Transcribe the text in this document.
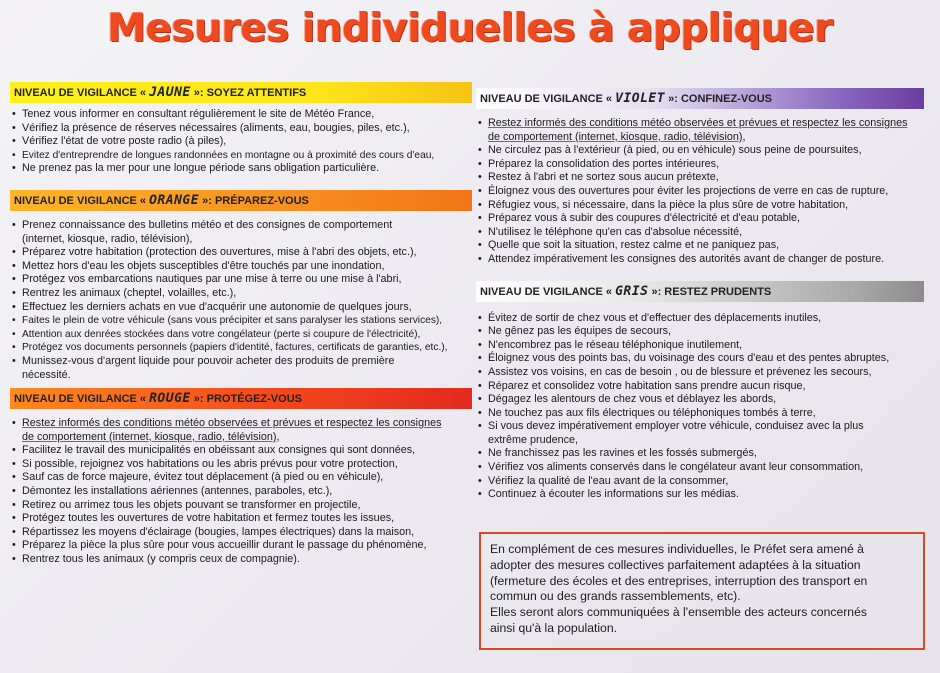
Mesures individuelles à appliquer
NIVEAU DE VIGILANCE « JAUNE »: SOYEZ ATTENTIFS
• Tenez vous informer en consultant régulièrement le site de Météo France,
• Vérifiez la présence de réserves nécessaires (aliments, eau, bougies, piles, etc.),
• Vérifiez l'état de votre poste radio (à piles),
• Evitez d'entreprendre de longues randonnées en montagne ou à proximité des cours d'eau,
• Ne prenez pas la mer pour une longue période sans obligation particulière.
NIVEAU DE VIGILANCE « ORANGE »: PRÉPAREZ-VOUS
• Prenez connaissance des bulletins météo et des consignes de comportement
(internet, kiosque, radio, télévision),
• Préparez votre habitation (protection des ouvertures, mise à l'abri des objets, etc.),
• Mettez hors d'eau les objets susceptibles d'être touchés par une inondation,
• Protégez vos embarcations nautiques par une mise à terre ou une mise à l'abri,
• Rentrez les animaux (cheptel, volailles, etc.),
• Effectuez les derniers achats en vue d'acquérir une autonomie de quelques jours,
• Faites le plein de votre véhicule (sans vous précipiter et sans paralyser les stations services),
• Attention aux denrées stockées dans votre congélateur (perte si coupure de l'électricité),
• Protégez vos documents personnels (papiers d'identité, factures, certificats de garanties, etc.),
• Munissez-vous d'argent liquide pour pouvoir acheter des produits de première
nécessité.
NIVEAU DE VIGILANCE « ROUGE »: PROTÉGEZ-VOUS
• Restez informés des conditions météo observées et prévues et respectez les consignes
de comportement (internet, kiosque, radio, télévision),
• Facilitez le travail des municipalités en obéissant aux consignes qui sont données,
• Si possible, rejoignez vos habitations ou les abris prévus pour votre protection,
• Sauf cas de force majeure, évitez tout déplacement (à pied ou en véhicule),
• Démontez les installations aériennes (antennes, paraboles, etc.),
• Retirez ou arrimez tous les objets pouvant se transformer en projectile,
• Protégez toutes les ouvertures de votre habitation et fermez toutes les issues,
• Répartissez les moyens d'éclairage (bougies, lampes électriques) dans la maison,
• Préparez la pièce la plus sûre pour vous accueillir durant le passage du phénomène,
• Rentrez tous les animaux (y compris ceux de compagnie).
NIVEAU DE VIGILANCE « VIOLET »: CONFINEZ-VOUS
• Restez informés des conditions météo observées et prévues et respectez les consignes
de comportement (internet, kiosque, radio, télévision),
• Ne circulez pas à l'extérieur (à pied, ou en véhicule) sous peine de poursuites,
• Préparez la consolidation des portes intérieures,
• Restez à l'abri et ne sortez sous aucun prétexte,
• Éloignez vous des ouvertures pour éviter les projections de verre en cas de rupture,
• Réfugiez vous, si nécessaire, dans la pièce la plus sûre de votre habitation,
• Préparez vous à subir des coupures d'électricité et d'eau potable,
• N'utilisez le téléphone qu'en cas d'absolue nécessité,
• Quelle que soit la situation, restez calme et ne paniquez pas,
• Attendez impérativement les consignes des autorités avant de changer de posture.
NIVEAU DE VIGILANCE « GRIS »: RESTEZ PRUDENTS
• Évitez de sortir de chez vous et d'effectuer des déplacements inutiles,
• Ne gênez pas les équipes de secours,
• N'encombrez pas le réseau téléphonique inutilement,
• Éloignez vous des points bas, du voisinage des cours d'eau et des pentes abruptes,
• Assistez vos voisins, en cas de besoin , ou de blessure et prévenez les secours,
• Réparez et consolidez votre habitation sans prendre aucun risque,
• Dégagez les alentours de chez vous et déblayez les abords,
• Ne touchez pas aux fils électriques ou téléphoniques tombés à terre,
• Si vous devez impérativement employer votre véhicule, conduisez avec la plus
extrême prudence,
• Ne franchissez pas les ravines et les fossés submergés,
• Vérifiez vos aliments conservés dans le congélateur avant leur consommation,
• Vérifiez la qualité de l'eau avant de la consommer,
• Continuez à écouter les informations sur les médias.
En complément de ces mesures individuelles, le Préfet sera amené à
adopter des mesures collectives parfaitement adaptées à la situation
(fermeture des écoles et des entreprises, interruption des transport en
commun ou des grands rassemblements, etc).
Elles seront alors communiquées à l'ensemble des acteurs concernés
ainsi qu'à la population.
